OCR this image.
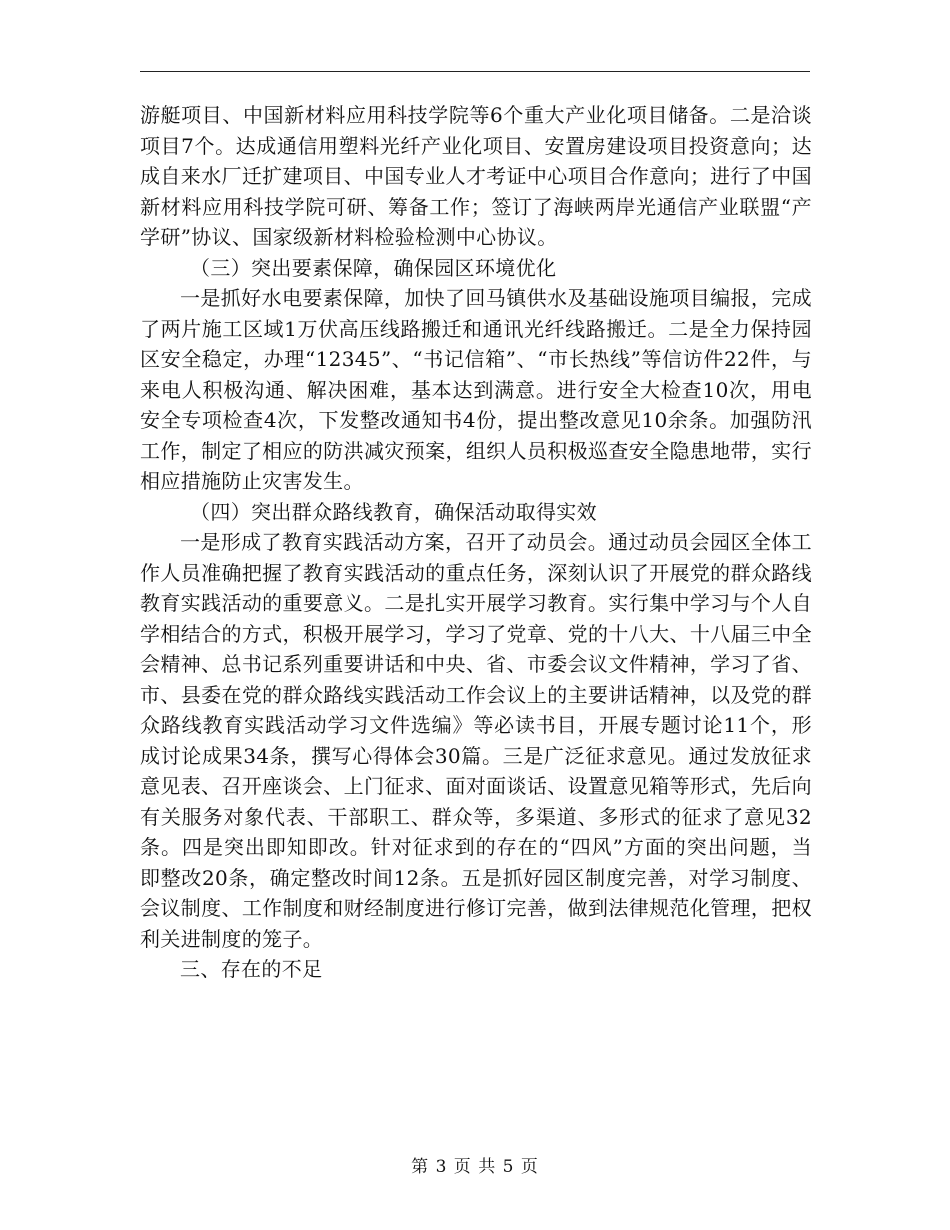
游艇项目、中国新材料应用科技学院等6个重大产业化项目储备。二是洽谈项目7个。达成通信用塑料光纤产业化项目、安置房建设项目投资意向；达成自来水厂迁扩建项目、中国专业人才考证中心项目合作意向；进行了中国新材料应用科技学院可研、筹备工作；签订了海峡两岸光通信产业联盟“产学研”协议、国家级新材料检验检测中心协议。

（三）突出要素保障，确保园区环境优化

一是抓好水电要素保障，加快了回马镇供水及基础设施项目编报，完成了两片施工区域1万伏高压线路搬迁和通讯光纤线路搬迁。二是全力保持园区安全稳定，办理“12345”、“书记信箱”、“市长热线”等信访件22件，与来电人积极沟通、解决困难，基本达到满意。进行安全大检查10次，用电安全专项检查4次，下发整改通知书4份，提出整改意见10余条。加强防汛工作，制定了相应的防洪减灾预案，组织人员积极巡查安全隐患地带，实行相应措施防止灾害发生。

（四）突出群众路线教育，确保活动取得实效

一是形成了教育实践活动方案，召开了动员会。通过动员会园区全体工作人员准确把握了教育实践活动的重点任务，深刻认识了开展党的群众路线教育实践活动的重要意义。二是扎实开展学习教育。实行集中学习与个人自学相结合的方式，积极开展学习，学习了党章、党的十八大、十八届三中全会精神、总书记系列重要讲话和中央、省、市委会议文件精神，学习了省、市、县委在党的群众路线实践活动工作会议上的主要讲话精神，以及党的群众路线教育实践活动学习文件选编》等必读书目，开展专题讨论11个，形成讨论成果34条，撰写心得体会30篇。三是广泛征求意见。通过发放征求意见表、召开座谈会、上门征求、面对面谈话、设置意见箱等形式，先后向有关服务对象代表、干部职工、群众等，多渠道、多形式的征求了意见32条。四是突出即知即改。针对征求到的存在的“四风”方面的突出问题，当即整改20条，确定整改时间12条。五是抓好园区制度完善，对学习制度、会议制度、工作制度和财经制度进行修订完善，做到法律规范化管理，把权利关进制度的笼子。

三、存在的不足

第 3 页 共 5 页
